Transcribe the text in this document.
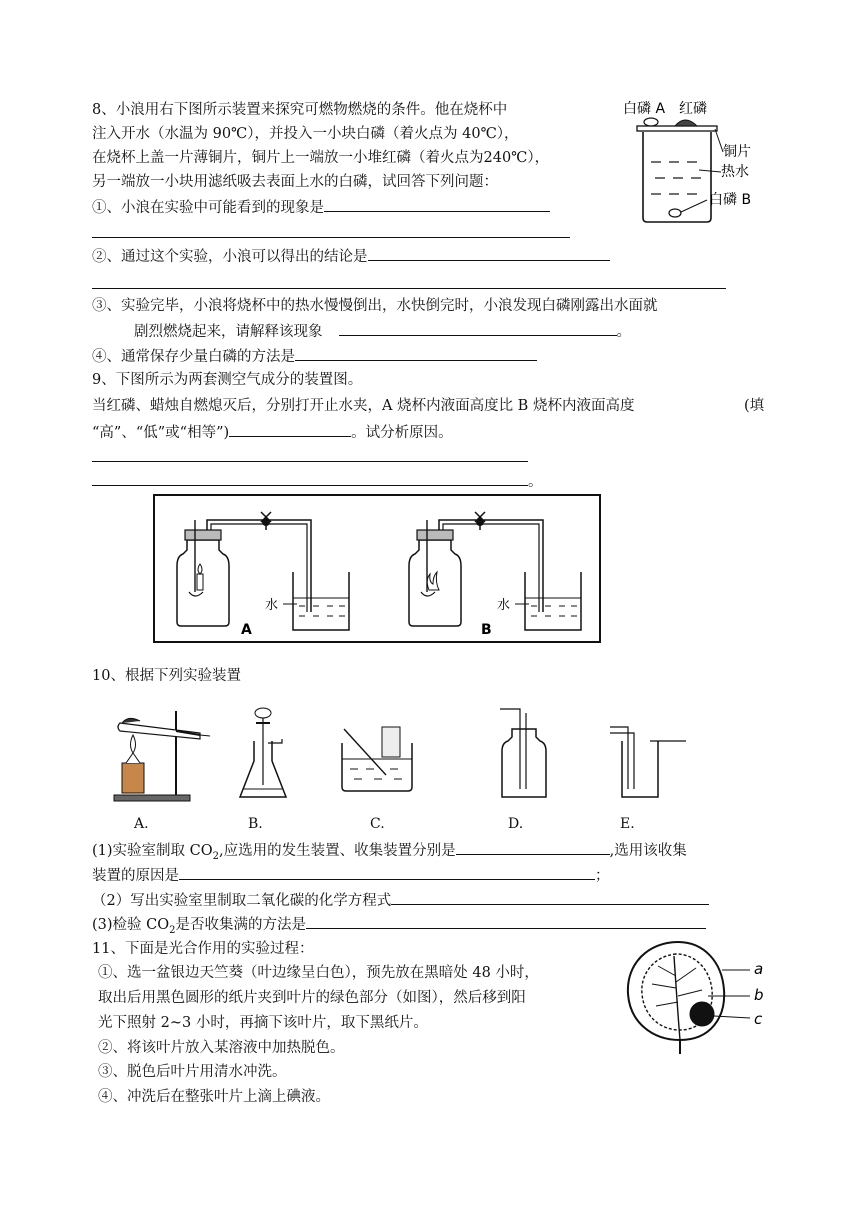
8、小浪用右下图所示装置来探究可燃物燃烧的条件。他在烧杯中
注入开水（水温为 90℃），并投入一小块白磷（着火点为 40℃），
在烧杯上盖一片薄铜片，铜片上一端放一小堆红磷（着火点为240℃），
另一端放一小块用滤纸吸去表面上水的白磷，试回答下列问题：
①、小浪在实验中可能看到的现象是
②、通过这个实验，小浪可以得出的结论是
③、实验完毕，小浪将烧杯中的热水慢慢倒出，水快倒完时，小浪发现白磷刚露出水面就
剧烈燃烧起来，请解释该现象	。
④、通常保存少量白磷的方法是
白磷 A 红磷
铜片
热水
白磷 B
9、下图所示为两套测空气成分的装置图。
当红磷、蜡烛自燃熄灭后，分别打开止水夹，A 烧杯内液面高度比 B 烧杯内液面高度	(填
“高”、“低”或“相等”)	。试分析原因。
。
水
A
水
B
10、根据下列实验装置
A.	B.	C.	D.	E.
(1)实验室制取 $CO_2$,应选用的发生装置、收集装置分别是	,选用该收集
装置的原因是	；
（2）写出实验室里制取二氧化碳的化学方程式
(3)检验 $CO_2$是否收集满的方法是
11、下面是光合作用的实验过程：
①、选一盆银边天竺葵（叶边缘呈白色），预先放在黑暗处 48 小时，
取出后用黑色圆形的纸片夹到叶片的绿色部分（如图），然后移到阳
光下照射 2~3 小时，再摘下该叶片，取下黑纸片。
②、将该叶片放入某溶液中加热脱色。
③、脱色后叶片用清水冲洗。
④、冲洗后在整张叶片上滴上碘液。
a
b
c
